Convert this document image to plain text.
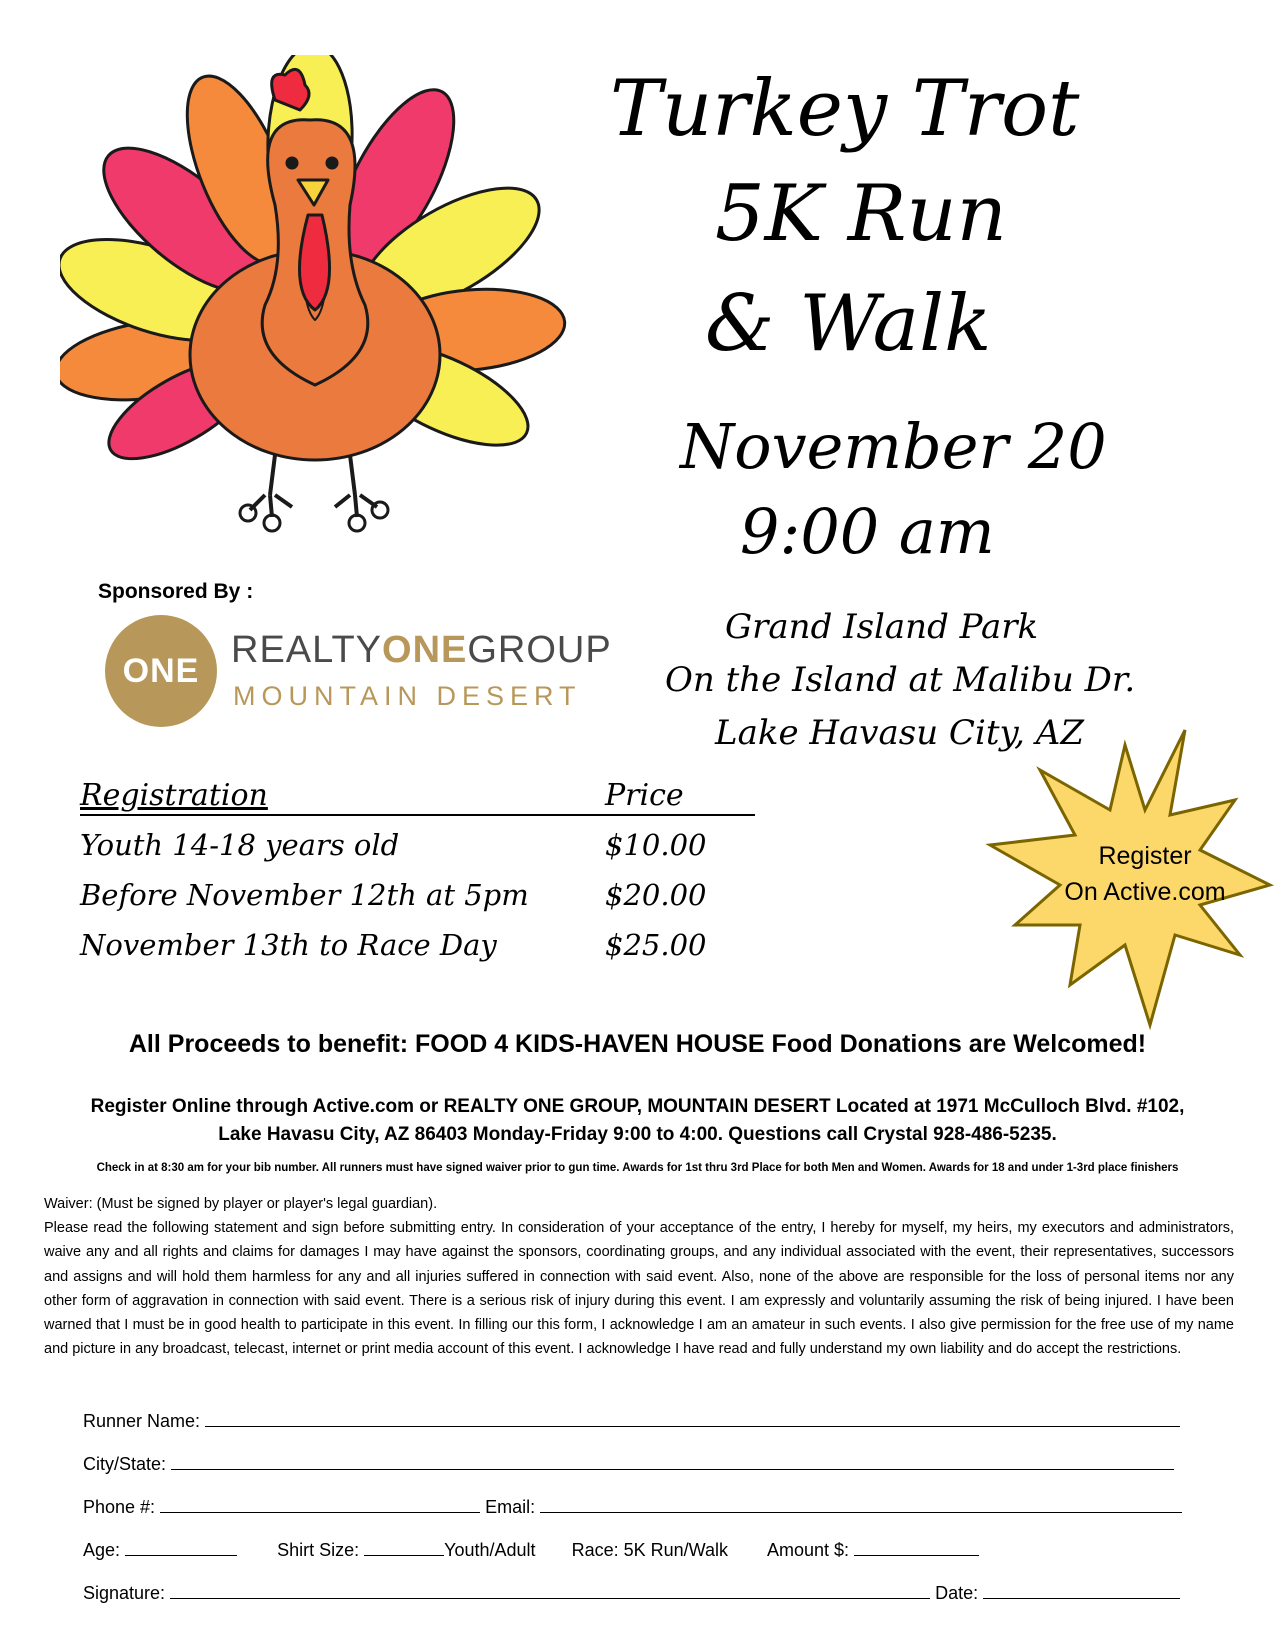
Turkey Trot
5K Run
& Walk
November 20
9:00 am
Grand Island Park
On the Island at Malibu Dr.
Lake Havasu City, AZ
Sponsored By :
ONE REALTYONEGROUP
MOUNTAIN DESERT
Registration	Price
Youth 14-18 years old	$10.00
Before November 12th at 5pm	$20.00
November 13th to Race Day	$25.00
Register
On Active.com
All Proceeds to benefit: FOOD 4 KIDS-HAVEN HOUSE Food Donations are Welcomed!
Register Online through Active.com or REALTY ONE GROUP, MOUNTAIN DESERT Located at 1971 McCulloch Blvd. #102,
Lake Havasu City, AZ 86403 Monday-Friday 9:00 to 4:00. Questions call Crystal 928-486-5235.
Check in at 8:30 am for your bib number. All runners must have signed waiver prior to gun time. Awards for 1st thru 3rd Place for both Men and Women. Awards for 18 and under 1-3rd place finishers

Waiver: (Must be signed by player or player's legal guardian).

Please read the following statement and sign before submitting entry. In consideration of your acceptance of the entry, I hereby for myself, my heirs, my executors and administrators, waive any and all rights and claims for damages I may have against the sponsors, coordinating groups, and any individual associated with the event, their representatives, successors and assigns and will hold them harmless for any and all injuries suffered in connection with said event. Also, none of the above are responsible for the loss of personal items nor any other form of aggravation in connection with said event. There is a serious risk of injury during this event. I am expressly and voluntarily assuming the risk of being injured. I have been warned that I must be in good health to participate in this event. In filling our this form, I acknowledge I am an amateur in such events. I also give permission for the free use of my name and picture in any broadcast, telecast, internet or print media account of this event. I acknowledge I have read and fully understand my own liability and do accept the restrictions.

Runner Name:
City/State:
Phone #:	Email:
Age:	Shirt Size:	Youth/Adult Race: 5K Run/Walk Amount $:
Signature:	Date:
